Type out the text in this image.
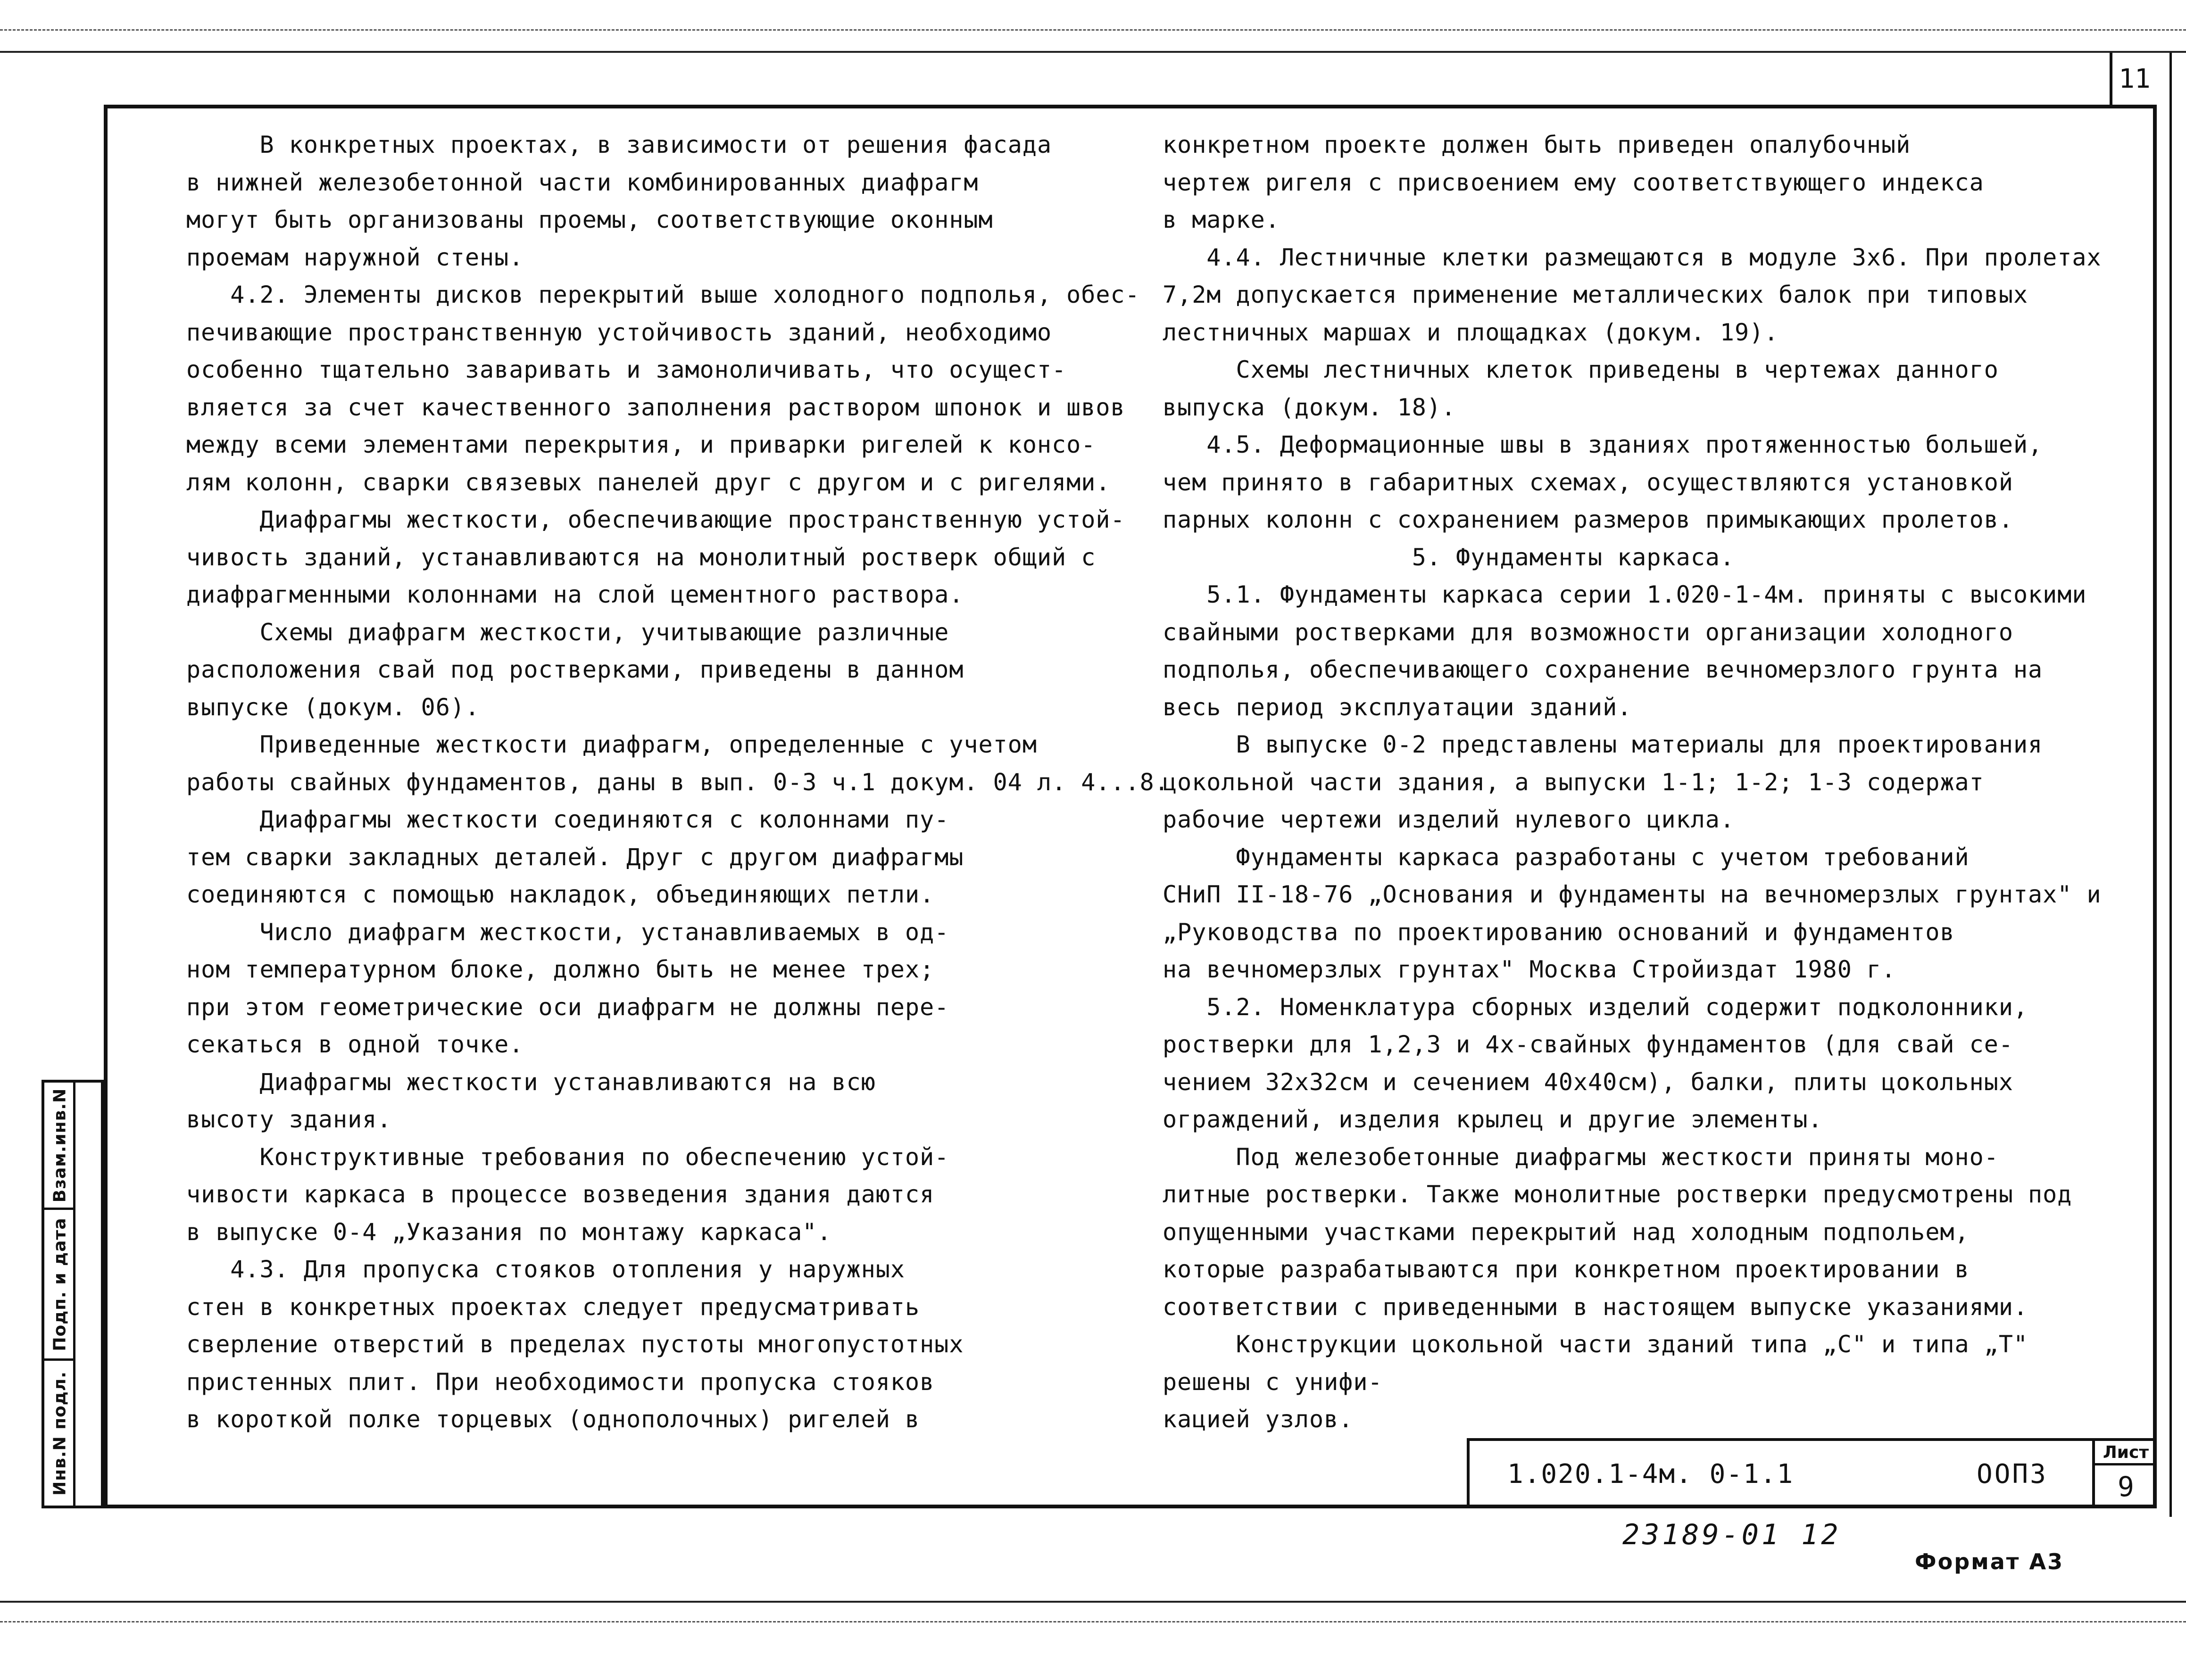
11
Взам.инв.N
Подп. и дата
Инв.N подл.
В конкретных проектах, в зависимости от решения фасада
в нижней железобетонной части комбинированных диафрагм
могут быть организованы проемы, соответствующие оконным
проемам наружной стены.
4.2. Элементы дисков перекрытий выше холодного подполья, обес-
печивающие пространственную устойчивость зданий, необходимо
особенно тщательно заваривать и замоноличивать, что осущест-
вляется за счет качественного заполнения раствором шпонок и швов
между всеми элементами перекрытия, и приварки ригелей к консо-
лям колонн, сварки связевых панелей друг с другом и с ригелями.
Диафрагмы жесткости, обеспечивающие пространственную устой-
чивость зданий, устанавливаются на монолитный ростверк общий с
диафрагменными колоннами на слой цементного раствора.
Схемы диафрагм жесткости, учитывающие различные
расположения свай под ростверками, приведены в данном
выпуске (докум. 06).
Приведенные жесткости диафрагм, определенные с учетом
работы свайных фундаментов, даны в вып. 0-3 ч.1 докум. 04 л. 4...8.
Диафрагмы жесткости соединяются с колоннами пу-
тем сварки закладных деталей. Друг с другом диафрагмы
соединяются с помощью накладок, объединяющих петли.
Число диафрагм жесткости, устанавливаемых в од-
ном температурном блоке, должно быть не менее трех;
при этом геометрические оси диафрагм не должны пере-
секаться в одной точке.
Диафрагмы жесткости устанавливаются на всю
высоту здания.
Конструктивные требования по обеспечению устой-
чивости каркаса в процессе возведения здания даются
в выпуске 0-4 „Указания по монтажу каркаса".
4.3. Для пропуска стояков отопления у наружных
стен в конкретных проектах следует предусматривать
сверление отверстий в пределах пустоты многопустотных
пристенных плит. При необходимости пропуска стояков
в короткой полке торцевых (однополочных) ригелей в
конкретном проекте должен быть приведен опалубочный
чертеж ригеля с присвоением ему соответствующего индекса
в марке.
4.4. Лестничные клетки размещаются в модуле 3х6. При пролетах
7,2м допускается применение металлических балок при типовых
лестничных маршах и площадках (докум. 19).
Схемы лестничных клеток приведены в чертежах данного
выпуска (докум. 18).
4.5. Деформационные швы в зданиях протяженностью большей,
чем принято в габаритных схемах, осуществляются установкой
парных колонн с сохранением размеров примыкающих пролетов.
5. Фундаменты каркаса.
5.1. Фундаменты каркаса серии 1.020-1-4м. приняты с высокими
свайными ростверками для возможности организации холодного
подполья, обеспечивающего сохранение вечномерзлого грунта на
весь период эксплуатации зданий.
В выпуске 0-2 представлены материалы для проектирования
цокольной части здания, а выпуски 1-1; 1-2; 1-3 содержат
рабочие чертежи изделий нулевого цикла.
Фундаменты каркаса разработаны с учетом требований
СНиП II-18-76 „Основания и фундаменты на вечномерзлых грунтах" и
„Руководства по проектированию оснований и фундаментов
на вечномерзлых грунтах" Москва Стройиздат 1980 г.
5.2. Номенклатура сборных изделий содержит подколонники,
ростверки для 1,2,3 и 4х-свайных фундаментов (для свай се-
чением 32х32см и сечением 40х40см), балки, плиты цокольных
ограждений, изделия крылец и другие элементы.
Под железобетонные диафрагмы жесткости приняты моно-
литные ростверки. Также монолитные ростверки предусмотрены под
опущенными участками перекрытий над холодным подпольем,
которые разрабатываются при конкретном проектировании в
соответствии с приведенными в настоящем выпуске указаниями.
Конструкции цокольной части зданий типа „С" и типа „Т"
решены с унифи-
кацией узлов.
1.020.1-4м. 0-1.1	ООПЗ
Лист
9
23189-01 12
Формат А3
